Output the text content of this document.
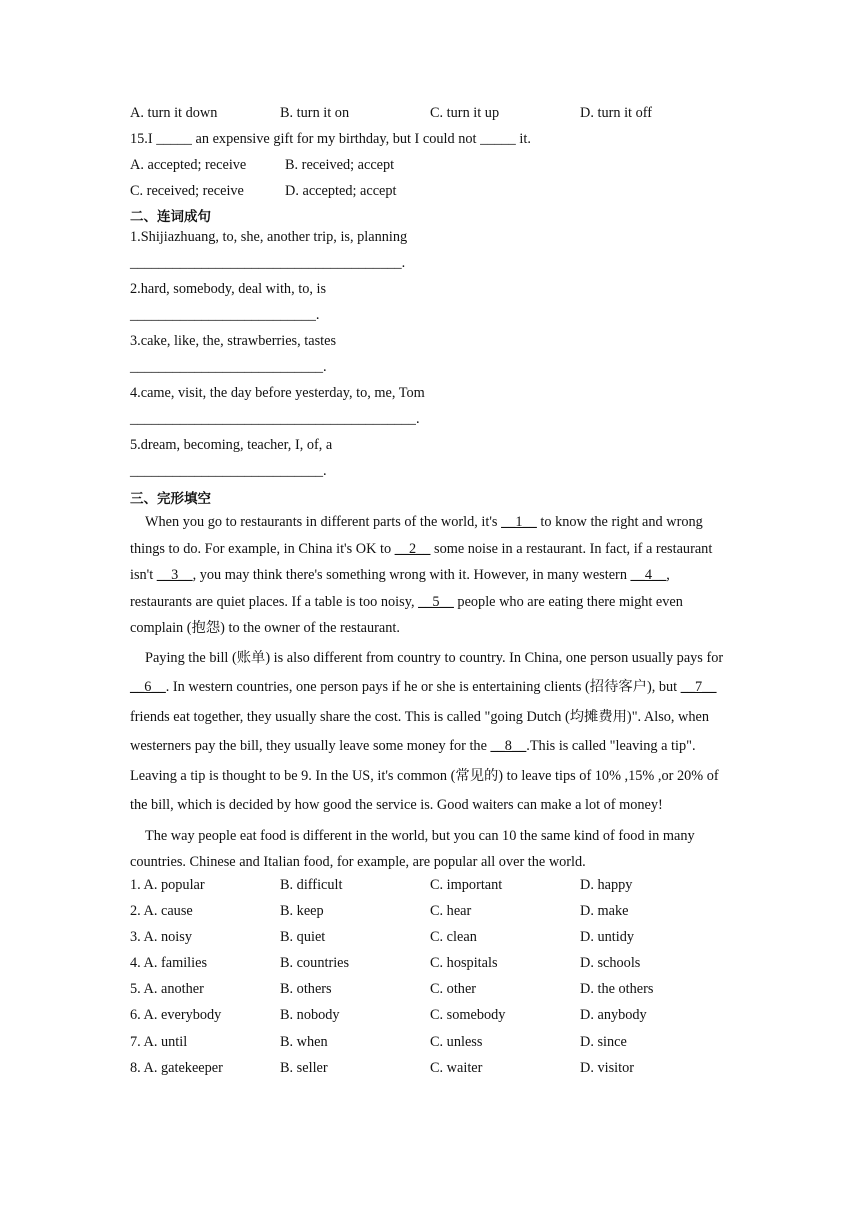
A. turn it down	B. turn it on	C. turn it up	D. turn it off
15.I _____ an expensive gift for my birthday, but I could not _____ it.
A. accepted; receive	B. received; accept
C. received; receive	D. accepted; accept
二、连词成句
1.Shijiazhuang, to, she, another trip, is, planning
______________________________________.
2.hard, somebody, deal with, to, is
__________________________.
3.cake, like, the, strawberries, tastes
___________________________.
4.came, visit, the day before yesterday, to, me, Tom
________________________________________.
5.dream, becoming, teacher, I, of, a
___________________________.
三、完形填空

When you go to restaurants in different parts of the world, it's __1__ to know the right and wrong things to do. For example, in China it's OK to __2__ some noise in a restaurant. In fact, if a restaurant isn't __3__, you may think there's something wrong with it. However, in many western __4__, restaurants are quiet places. If a table is too noisy, __5__ people who are eating there might even complain (抱怨) to the owner of the restaurant.

Paying the bill (账单) is also different from country to country. In China, one person usually pays for __6__. In western countries, one person pays if he or she is entertaining clients (招待客户), but __7__ friends eat together, they usually share the cost. This is called "going Dutch (均摊费用)". Also, when westerners pay the bill, they usually leave some money for the __8__.This is called "leaving a tip". Leaving a tip is thought to be 9. In the US, it's common (常见的) to leave tips of 10% ,15% ,or 20% of the bill, which is decided by how good the service is. Good waiters can make a lot of money!

The way people eat food is different in the world, but you can 10 the same kind of food in many countries. Chinese and Italian food, for example, are popular all over the world.

1. A. popular	B. difficult	C. important	D. happy
2. A. cause	B. keep	C. hear	D. make
3. A. noisy	B. quiet	C. clean	D. untidy
4. A. families	B. countries	C. hospitals	D. schools
5. A. another	B. others	C. other	D. the others
6. A. everybody	B. nobody	C. somebody	D. anybody
7. A. until	B. when	C. unless	D. since
8. A. gatekeeper	B. seller	C. waiter	D. visitor
